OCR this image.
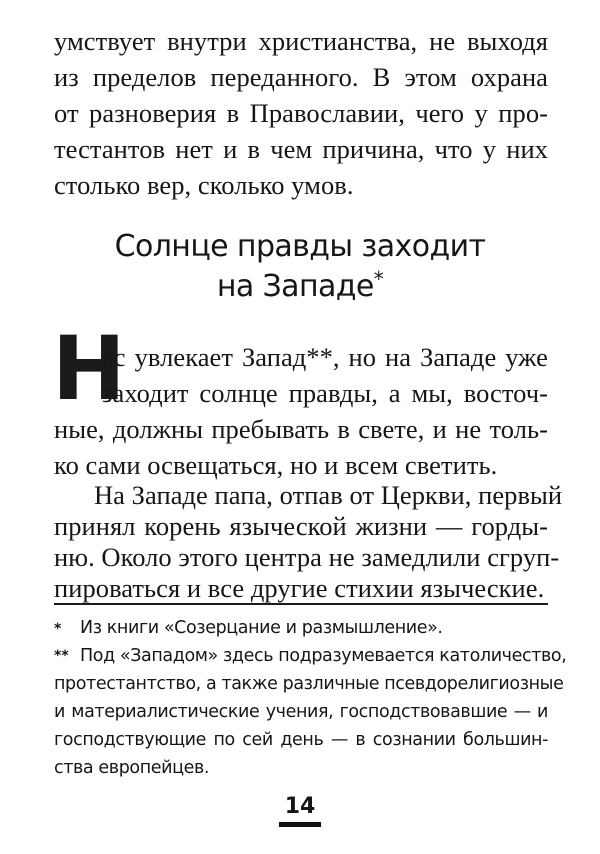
умствует внутри христианства, не выходя
из пределов переданного. В этом охрана
от разноверия в Православии, чего у про-
тестантов нет и в чем причина, что у них
столько вер, сколько умов.
Солнце правды заходит
на Западе*
Н
ас увлекает Запад**, но на Западе уже
заходит солнце правды, а мы, восточ-
ные, должны пребывать в свете, и не толь-
ко сами освещаться, но и всем светить.
На Западе папа, отпав от Церкви, первый
принял корень языческой жизни — горды-
ню. Около этого центра не замедлили сгруп-
пироваться и все другие стихии языческие.
* Из книги «Созерцание и размышление».
** Под «Западом» здесь подразумевается католичество,
протестантство, а также различные псевдорелигиозные
и материалистические учения, господствовавшие — и
господствующие по сей день — в сознании большин-
ства европейцев.
14
